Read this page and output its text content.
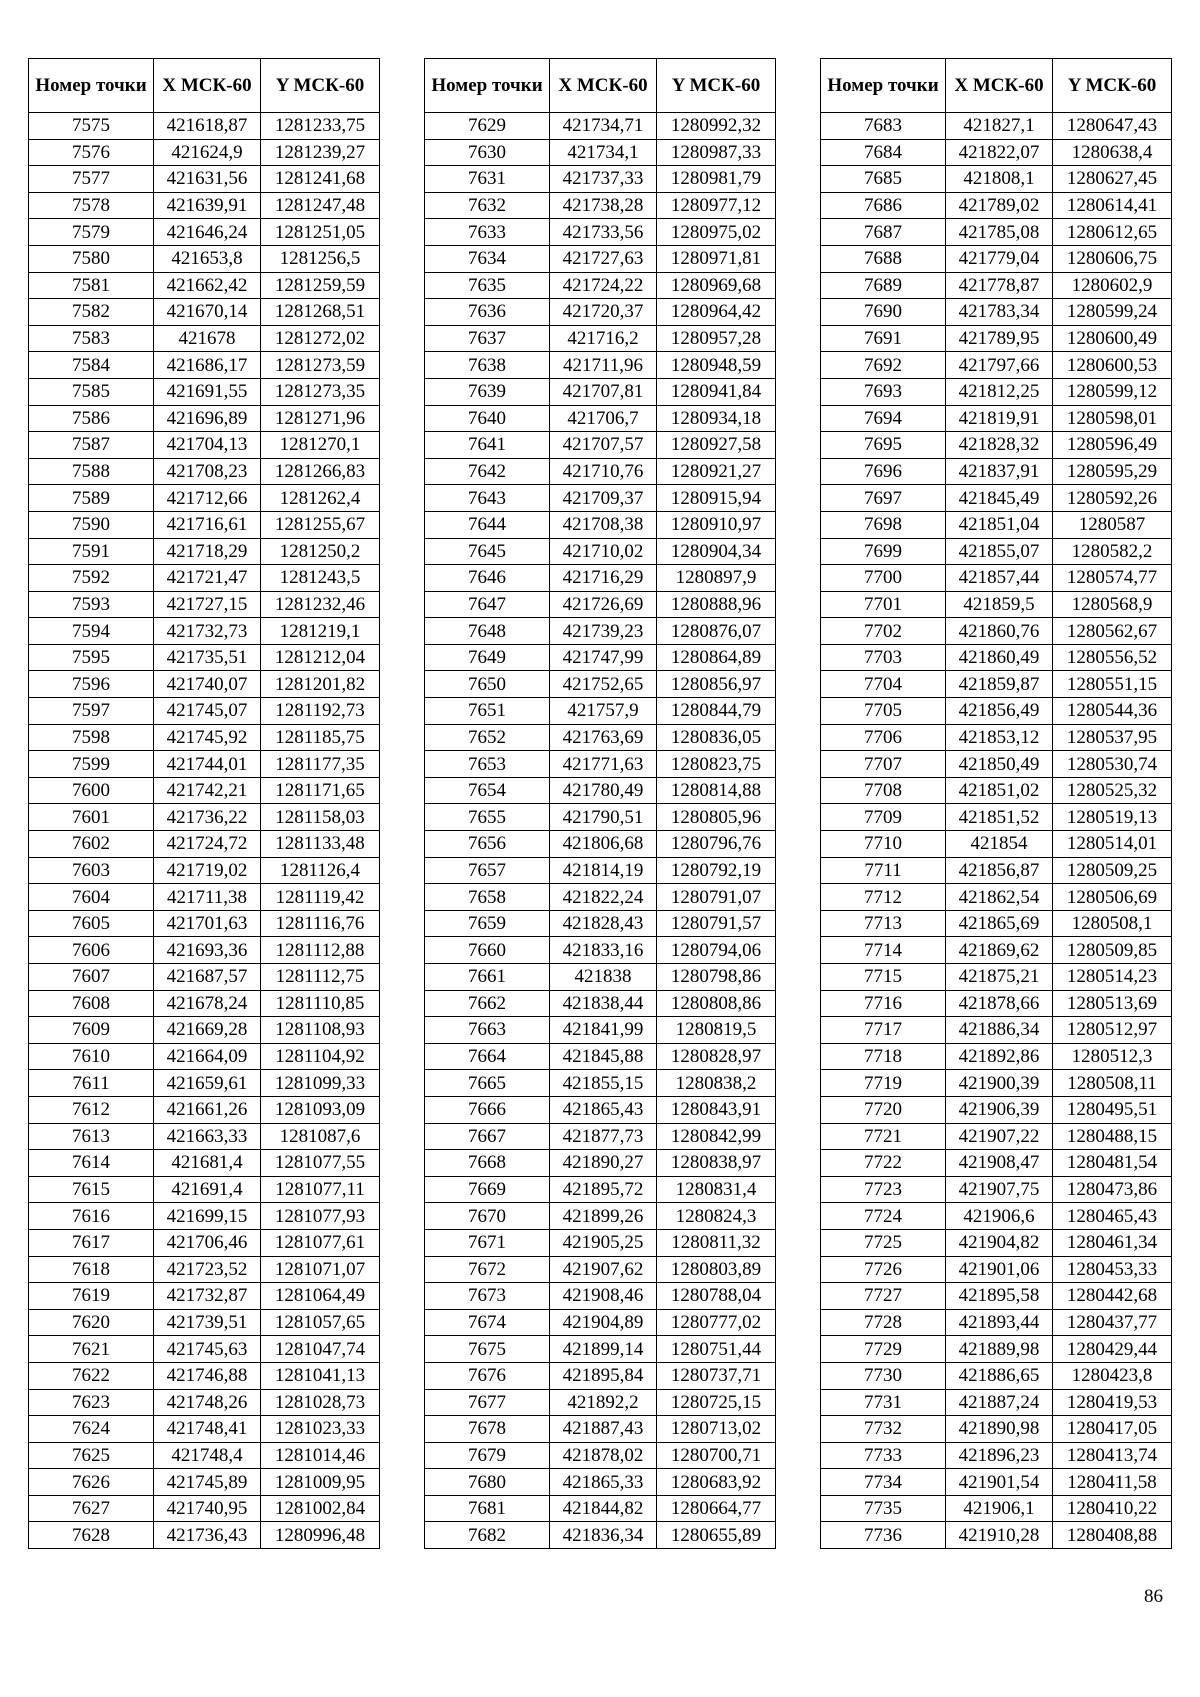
Номер точки	X МСК-60	Y МСК-60
7575	421618,87	1281233,75
7576	421624,9	1281239,27
7577	421631,56	1281241,68
7578	421639,91	1281247,48
7579	421646,24	1281251,05
7580	421653,8	1281256,5
7581	421662,42	1281259,59
7582	421670,14	1281268,51
7583	421678	1281272,02
7584	421686,17	1281273,59
7585	421691,55	1281273,35
7586	421696,89	1281271,96
7587	421704,13	1281270,1
7588	421708,23	1281266,83
7589	421712,66	1281262,4
7590	421716,61	1281255,67
7591	421718,29	1281250,2
7592	421721,47	1281243,5
7593	421727,15	1281232,46
7594	421732,73	1281219,1
7595	421735,51	1281212,04
7596	421740,07	1281201,82
7597	421745,07	1281192,73
7598	421745,92	1281185,75
7599	421744,01	1281177,35
7600	421742,21	1281171,65
7601	421736,22	1281158,03
7602	421724,72	1281133,48
7603	421719,02	1281126,4
7604	421711,38	1281119,42
7605	421701,63	1281116,76
7606	421693,36	1281112,88
7607	421687,57	1281112,75
7608	421678,24	1281110,85
7609	421669,28	1281108,93
7610	421664,09	1281104,92
7611	421659,61	1281099,33
7612	421661,26	1281093,09
7613	421663,33	1281087,6
7614	421681,4	1281077,55
7615	421691,4	1281077,11
7616	421699,15	1281077,93
7617	421706,46	1281077,61
7618	421723,52	1281071,07
7619	421732,87	1281064,49
7620	421739,51	1281057,65
7621	421745,63	1281047,74
7622	421746,88	1281041,13
7623	421748,26	1281028,73
7624	421748,41	1281023,33
7625	421748,4	1281014,46
7626	421745,89	1281009,95
7627	421740,95	1281002,84
7628	421736,43	1280996,48
Номер точки	X МСК-60	Y МСК-60
7629	421734,71	1280992,32
7630	421734,1	1280987,33
7631	421737,33	1280981,79
7632	421738,28	1280977,12
7633	421733,56	1280975,02
7634	421727,63	1280971,81
7635	421724,22	1280969,68
7636	421720,37	1280964,42
7637	421716,2	1280957,28
7638	421711,96	1280948,59
7639	421707,81	1280941,84
7640	421706,7	1280934,18
7641	421707,57	1280927,58
7642	421710,76	1280921,27
7643	421709,37	1280915,94
7644	421708,38	1280910,97
7645	421710,02	1280904,34
7646	421716,29	1280897,9
7647	421726,69	1280888,96
7648	421739,23	1280876,07
7649	421747,99	1280864,89
7650	421752,65	1280856,97
7651	421757,9	1280844,79
7652	421763,69	1280836,05
7653	421771,63	1280823,75
7654	421780,49	1280814,88
7655	421790,51	1280805,96
7656	421806,68	1280796,76
7657	421814,19	1280792,19
7658	421822,24	1280791,07
7659	421828,43	1280791,57
7660	421833,16	1280794,06
7661	421838	1280798,86
7662	421838,44	1280808,86
7663	421841,99	1280819,5
7664	421845,88	1280828,97
7665	421855,15	1280838,2
7666	421865,43	1280843,91
7667	421877,73	1280842,99
7668	421890,27	1280838,97
7669	421895,72	1280831,4
7670	421899,26	1280824,3
7671	421905,25	1280811,32
7672	421907,62	1280803,89
7673	421908,46	1280788,04
7674	421904,89	1280777,02
7675	421899,14	1280751,44
7676	421895,84	1280737,71
7677	421892,2	1280725,15
7678	421887,43	1280713,02
7679	421878,02	1280700,71
7680	421865,33	1280683,92
7681	421844,82	1280664,77
7682	421836,34	1280655,89
Номер точки	X МСК-60	Y МСК-60
7683	421827,1	1280647,43
7684	421822,07	1280638,4
7685	421808,1	1280627,45
7686	421789,02	1280614,41
7687	421785,08	1280612,65
7688	421779,04	1280606,75
7689	421778,87	1280602,9
7690	421783,34	1280599,24
7691	421789,95	1280600,49
7692	421797,66	1280600,53
7693	421812,25	1280599,12
7694	421819,91	1280598,01
7695	421828,32	1280596,49
7696	421837,91	1280595,29
7697	421845,49	1280592,26
7698	421851,04	1280587
7699	421855,07	1280582,2
7700	421857,44	1280574,77
7701	421859,5	1280568,9
7702	421860,76	1280562,67
7703	421860,49	1280556,52
7704	421859,87	1280551,15
7705	421856,49	1280544,36
7706	421853,12	1280537,95
7707	421850,49	1280530,74
7708	421851,02	1280525,32
7709	421851,52	1280519,13
7710	421854	1280514,01
7711	421856,87	1280509,25
7712	421862,54	1280506,69
7713	421865,69	1280508,1
7714	421869,62	1280509,85
7715	421875,21	1280514,23
7716	421878,66	1280513,69
7717	421886,34	1280512,97
7718	421892,86	1280512,3
7719	421900,39	1280508,11
7720	421906,39	1280495,51
7721	421907,22	1280488,15
7722	421908,47	1280481,54
7723	421907,75	1280473,86
7724	421906,6	1280465,43
7725	421904,82	1280461,34
7726	421901,06	1280453,33
7727	421895,58	1280442,68
7728	421893,44	1280437,77
7729	421889,98	1280429,44
7730	421886,65	1280423,8
7731	421887,24	1280419,53
7732	421890,98	1280417,05
7733	421896,23	1280413,74
7734	421901,54	1280411,58
7735	421906,1	1280410,22
7736	421910,28	1280408,88
86
